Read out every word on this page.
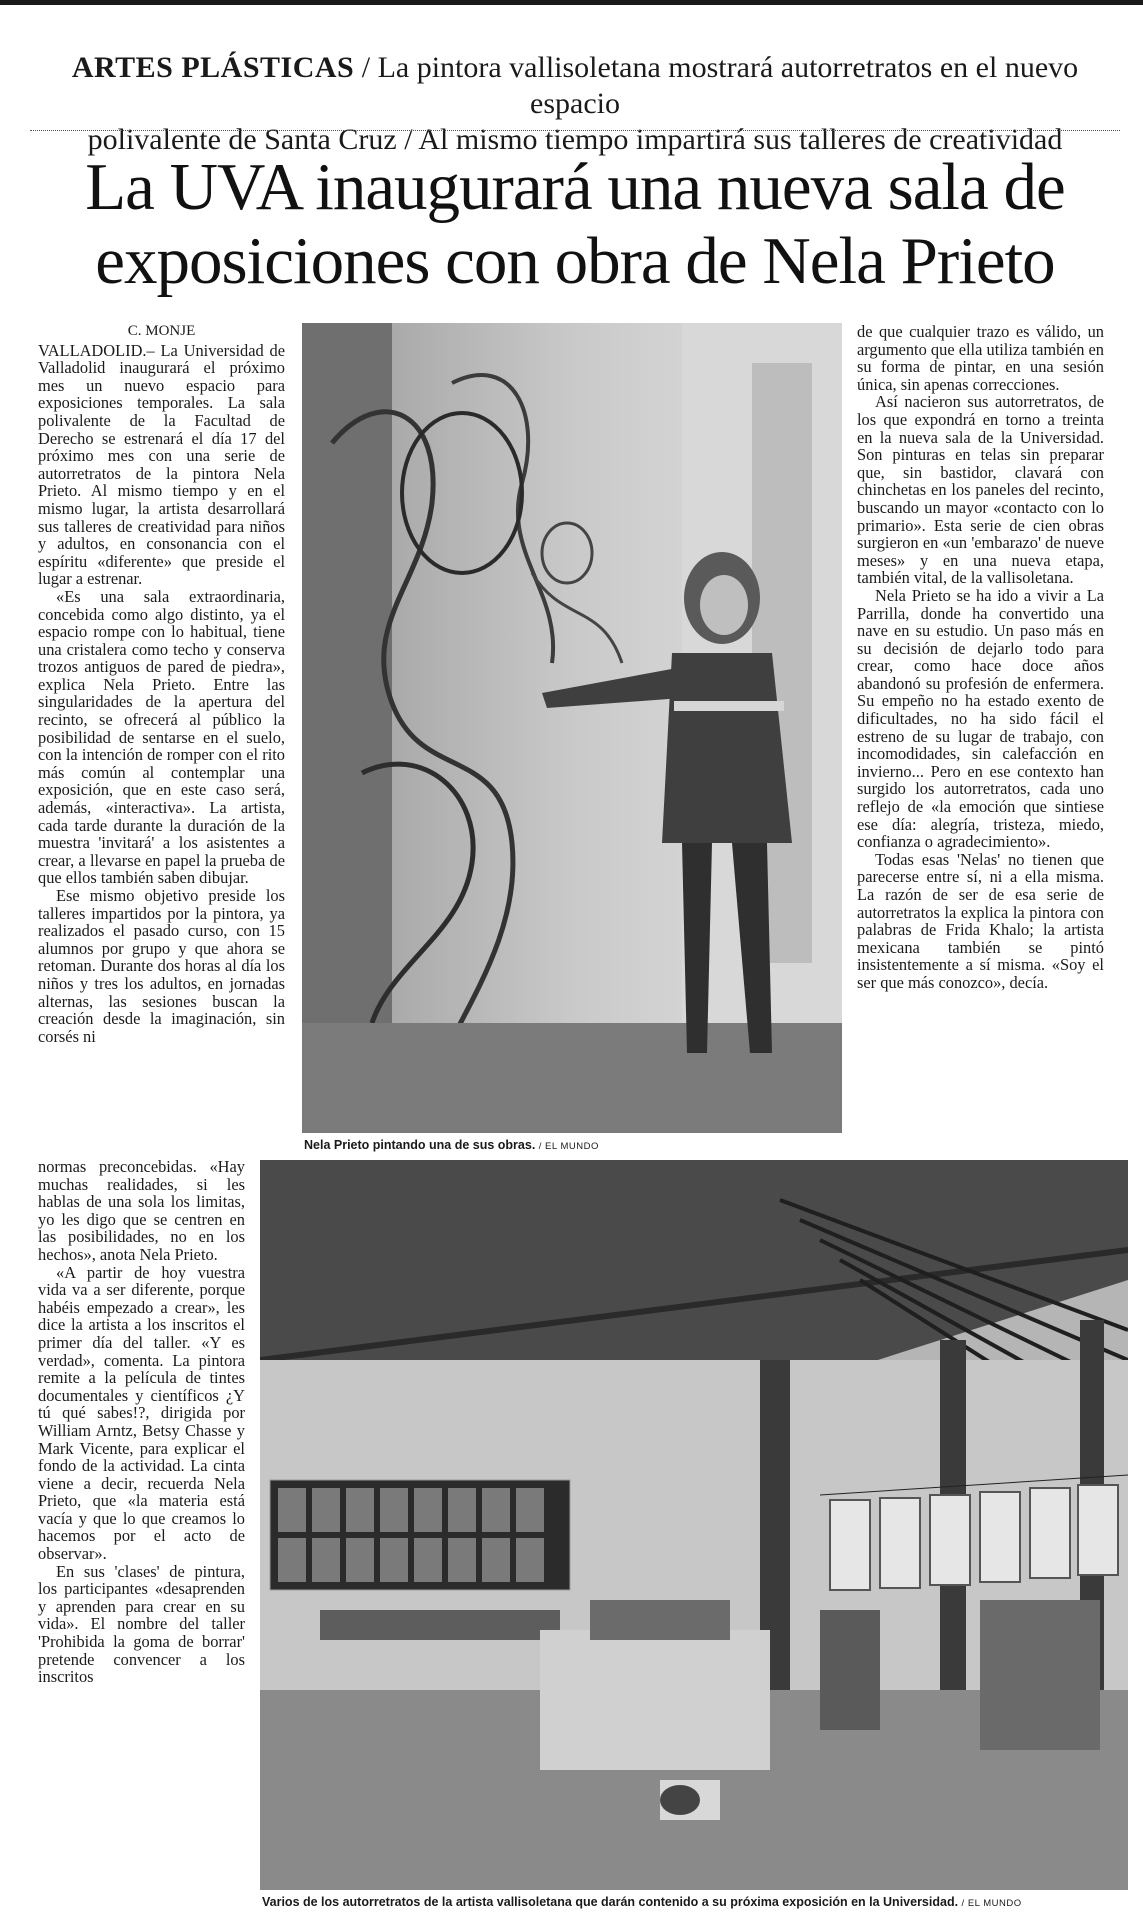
ARTES PLÁSTICAS / La pintora vallisoletana mostrará autorretratos en el nuevo espacio
polivalente de Santa Cruz / Al mismo tiempo impartirá sus talleres de creatividad
La UVA inaugurará una nueva sala de
exposiciones con obra de Nela Prieto
C. MONJE

VALLADOLID.– La Universidad de Valladolid inaugurará el próximo mes un nuevo espacio para exposiciones temporales. La sala polivalente de la Facultad de Derecho se estrenará el día 17 del próximo mes con una serie de autorretratos de la pintora Nela Prieto. Al mismo tiempo y en el mismo lugar, la artista desarrollará sus talleres de creatividad para niños y adultos, en consonancia con el espíritu «diferente» que preside el lugar a estrenar.

«Es una sala extraordinaria, concebida como algo distinto, ya el espacio rompe con lo habitual, tiene una cristalera como techo y conserva trozos antiguos de pared de piedra», explica Nela Prieto. Entre las singularidades de la apertura del recinto, se ofrecerá al público la posibilidad de sentarse en el suelo, con la intención de romper con el rito más común al contemplar una exposición, que en este caso será, además, «interactiva». La artista, cada tarde durante la duración de la muestra 'invitará' a los asistentes a crear, a llevarse en papel la prueba de que ellos también saben dibujar.

Ese mismo objetivo preside los talleres impartidos por la pintora, ya realizados el pasado curso, con 15 alumnos por grupo y que ahora se retoman. Durante dos horas al día los niños y tres los adultos, en jornadas alternas, las sesiones buscan la creación desde la imaginación, sin corsés ni

de que cualquier trazo es válido, un argumento que ella utiliza también en su forma de pintar, en una sesión única, sin apenas correcciones.

Así nacieron sus autorretratos, de los que expondrá en torno a treinta en la nueva sala de la Universidad. Son pinturas en telas sin preparar que, sin bastidor, clavará con chinchetas en los paneles del recinto, buscando un mayor «contacto con lo primario». Esta serie de cien obras surgieron en «un 'embarazo' de nueve meses» y en una nueva etapa, también vital, de la vallisoletana.

Nela Prieto se ha ido a vivir a La Parrilla, donde ha convertido una nave en su estudio. Un paso más en su decisión de dejarlo todo para crear, como hace doce años abandonó su profesión de enfermera. Su empeño no ha estado exento de dificultades, no ha sido fácil el estreno de su lugar de trabajo, con incomodidades, sin calefacción en invierno... Pero en ese contexto han surgido los autorretratos, cada uno reflejo de «la emoción que sintiese ese día: alegría, tristeza, miedo, confianza o agradecimiento».

Todas esas 'Nelas' no tienen que parecerse entre sí, ni a ella misma. La razón de ser de esa serie de autorretratos la explica la pintora con palabras de Frida Khalo; la artista mexicana también se pintó insistentemente a sí misma. «Soy el ser que más conozco», decía.

Nela Prieto pintando una de sus obras. / EL MUNDO

normas preconcebidas. «Hay muchas realidades, si les hablas de una sola los limitas, yo les digo que se centren en las posibilidades, no en los hechos», anota Nela Prieto.

«A partir de hoy vuestra vida va a ser diferente, porque habéis empezado a crear», les dice la artista a los inscritos el primer día del taller. «Y es verdad», comenta. La pintora remite a la película de tintes documentales y científicos ¿Y tú qué sabes!?, dirigida por William Arntz, Betsy Chasse y Mark Vicente, para explicar el fondo de la actividad. La cinta viene a decir, recuerda Nela Prieto, que «la materia está vacía y que lo que creamos lo hacemos por el acto de observar».

En sus 'clases' de pintura, los participantes «desaprenden y aprenden para crear en su vida». El nombre del taller 'Prohibida la goma de borrar' pretende convencer a los inscritos

Varios de los autorretratos de la artista vallisoletana que darán contenido a su próxima exposición en la Universidad. / EL MUNDO
